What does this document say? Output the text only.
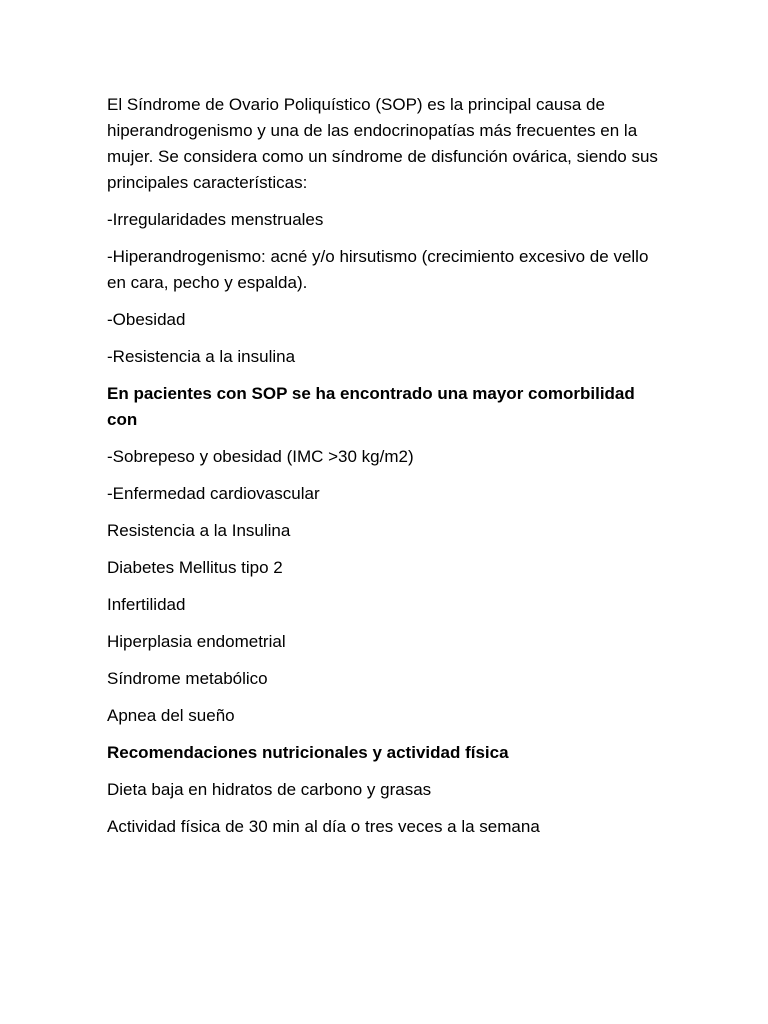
El Síndrome de Ovario Poliquístico (SOP) es la principal causa de hiperandrogenismo y una de las endocrinopatías más frecuentes en la mujer. Se considera como un síndrome de disfunción ovárica, siendo sus principales características:

-Irregularidades menstruales

-Hiperandrogenismo: acné y/o hirsutismo (crecimiento excesivo de vello en cara, pecho y espalda).

-Obesidad

-Resistencia a la insulina

En pacientes con SOP se ha encontrado una mayor comorbilidad con

-Sobrepeso y obesidad (IMC >30 kg/m2)

-Enfermedad cardiovascular

Resistencia a la Insulina

Diabetes Mellitus tipo 2

Infertilidad

Hiperplasia endometrial

Síndrome metabólico

Apnea del sueño

Recomendaciones nutricionales y actividad física

Dieta baja en hidratos de carbono y grasas

Actividad física de 30 min al día o tres veces a la semana
